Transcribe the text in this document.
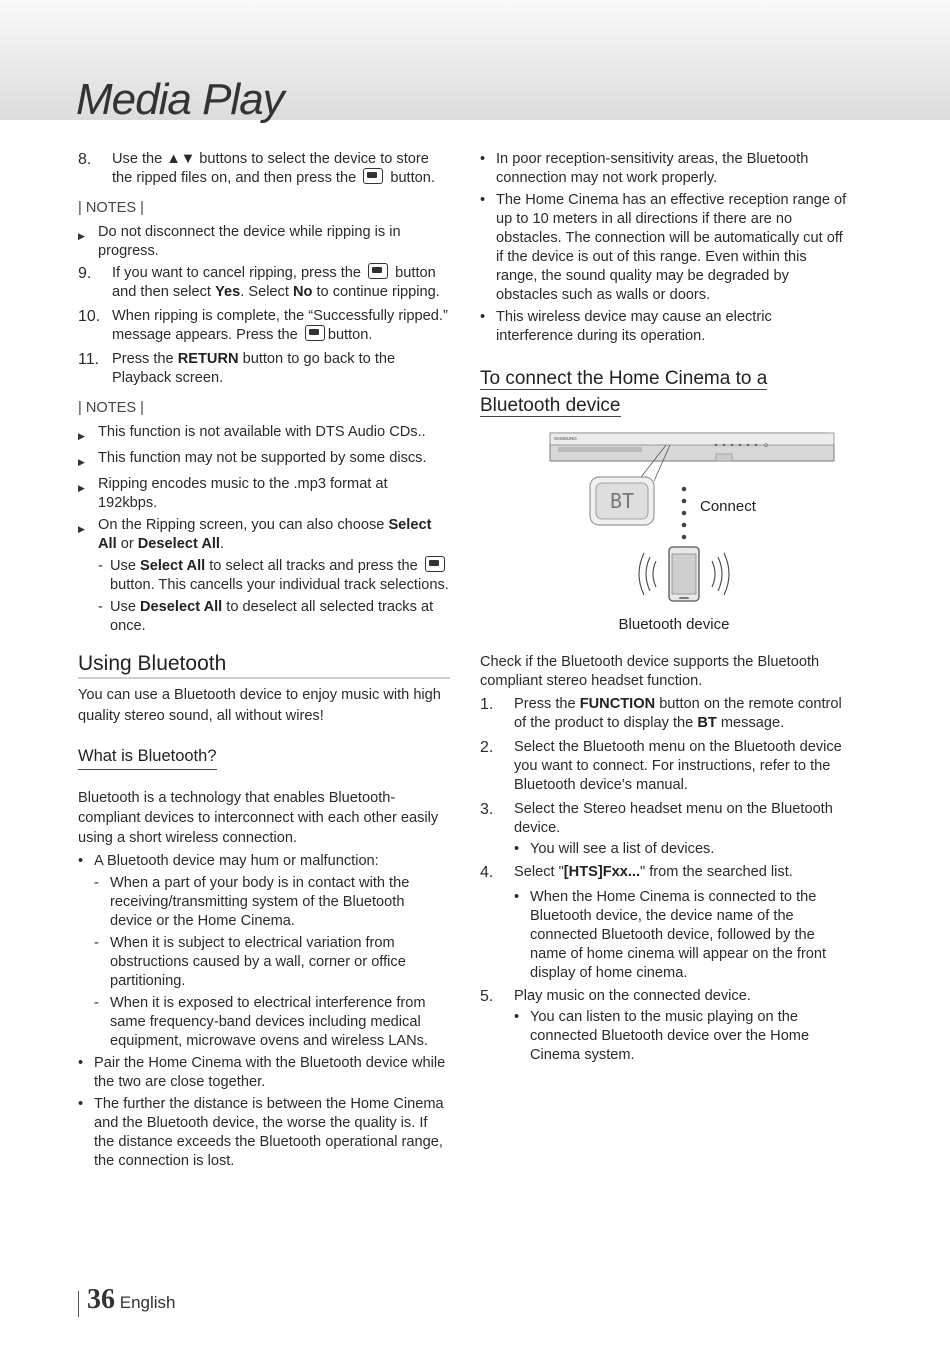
Media Play
8.	Use the ▲▼ buttons to select the device to store the ripped files on, and then press the button.
| NOTES |
▶ Do not disconnect the device while ripping is in progress.
9.	If you want to cancel ripping, press the button and then select Yes. Select No to continue ripping.
10. When ripping is complete, the “Successfully ripped.” message appears. Press the button.
11. Press the RETURN button to go back to the Playback screen.
| NOTES |
▶ This function is not available with DTS Audio CDs..
▶ This function may not be supported by some discs.
▶ Ripping encodes music to the .mp3 format at 192kbps.
▶ On the Ripping screen, you can also choose Select All or Deselect All.
- Use Select All to select all tracks and press the  button. This cancells your individual track selections.
- Use Deselect All to deselect all selected tracks at once.
Using Bluetooth

You can use a Bluetooth device to enjoy music with high quality stereo sound, all without wires!

What is Bluetooth?

Bluetooth is a technology that enables Bluetooth-compliant devices to interconnect with each other easily using a short wireless connection.

• A Bluetooth device may hum or malfunction:
- When a part of your body is in contact with the receiving/transmitting system of the Bluetooth device or the Home Cinema.
- When it is subject to electrical variation from obstructions caused by a wall, corner or office partitioning.
- When it is exposed to electrical interference from same frequency-band devices including medical equipment, microwave ovens and wireless LANs.
• Pair the Home Cinema with the Bluetooth device while the two are close together.
• The further the distance is between the Home Cinema and the Bluetooth device, the worse the quality is. If the distance exceeds the Bluetooth operational range, the connection is lost.
• In poor reception-sensitivity areas, the Bluetooth connection may not work properly.
• The Home Cinema has an effective reception range of up to 10 meters in all directions if there are no obstacles. The connection will be automatically cut off if the device is out of this range. Even within this range, the sound quality may be degraded by obstacles such as walls or doors.
• This wireless device may cause an electric interference during its operation.
To connect the Home Cinema to a
Bluetooth device
SAMSUNG
BT	Connect
Bluetooth device

Check if the Bluetooth device supports the Bluetooth compliant stereo headset function.

1.	Press the FUNCTION button on the remote control of the product to display the BT message.
2.	Select the Bluetooth menu on the Bluetooth device you want to connect. For instructions, refer to the Bluetooth device's manual.
3.	Select the Stereo headset menu on the Bluetooth device.
• You will see a list of devices.
4.	Select "[HTS]Fxx..." from the searched list.
• When the Home Cinema is connected to the Bluetooth device, the device name of the connected Bluetooth device, followed by the name of home cinema will appear on the front display of home cinema.
5.	Play music on the connected device.
• You can listen to the music playing on the connected Bluetooth device over the Home Cinema system.
36 English
